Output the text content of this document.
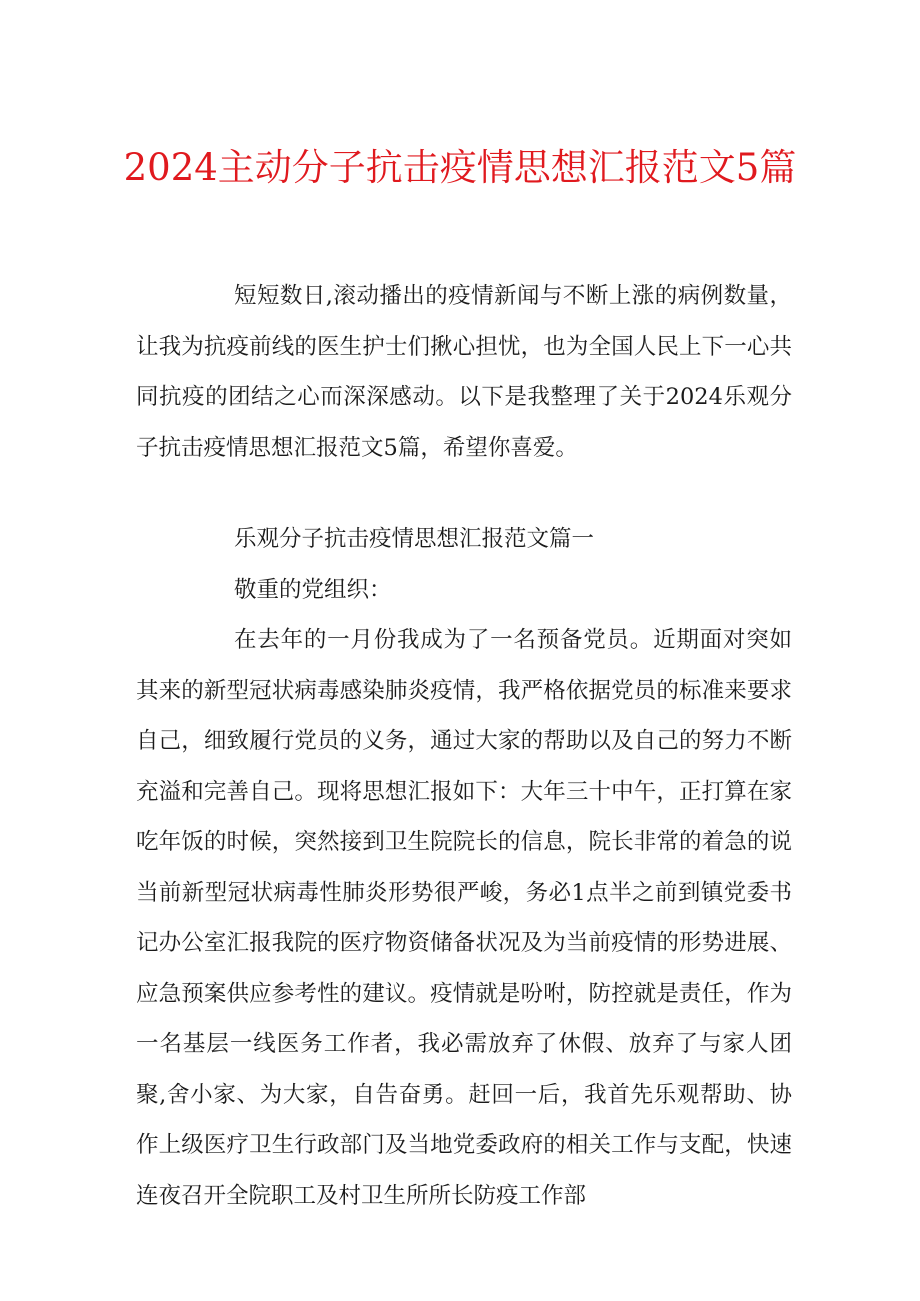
2024主动分子抗击疫情思想汇报范文5篇

短短数日,滚动播出的疫情新闻与不断上涨的病例数量，让我为抗疫前线的医生护士们揪心担忧，也为全国人民上下一心共同抗疫的团结之心而深深感动。以下是我整理了关于2024乐观分子抗击疫情思想汇报范文5篇，希望你喜爱。

乐观分子抗击疫情思想汇报范文篇一

敬重的党组织：

在去年的一月份我成为了一名预备党员。近期面对突如其来的新型冠状病毒感染肺炎疫情，我严格依据党员的标准来要求自己，细致履行党员的义务，通过大家的帮助以及自己的努力不断充溢和完善自己。现将思想汇报如下：大年三十中午，正打算在家吃年饭的时候，突然接到卫生院院长的信息，院长非常的着急的说当前新型冠状病毒性肺炎形势很严峻，务必1点半之前到镇党委书记办公室汇报我院的医疗物资储备状况及为当前疫情的形势进展、应急预案供应参考性的建议。疫情就是吩咐，防控就是责任，作为一名基层一线医务工作者，我必需放弃了休假、放弃了与家人团聚,舍小家、为大家，自告奋勇。赶回一后，我首先乐观帮助、协作上级医疗卫生行政部门及当地党委政府的相关工作与支配，快速连夜召开全院职工及村卫生所所长防疫工作部
